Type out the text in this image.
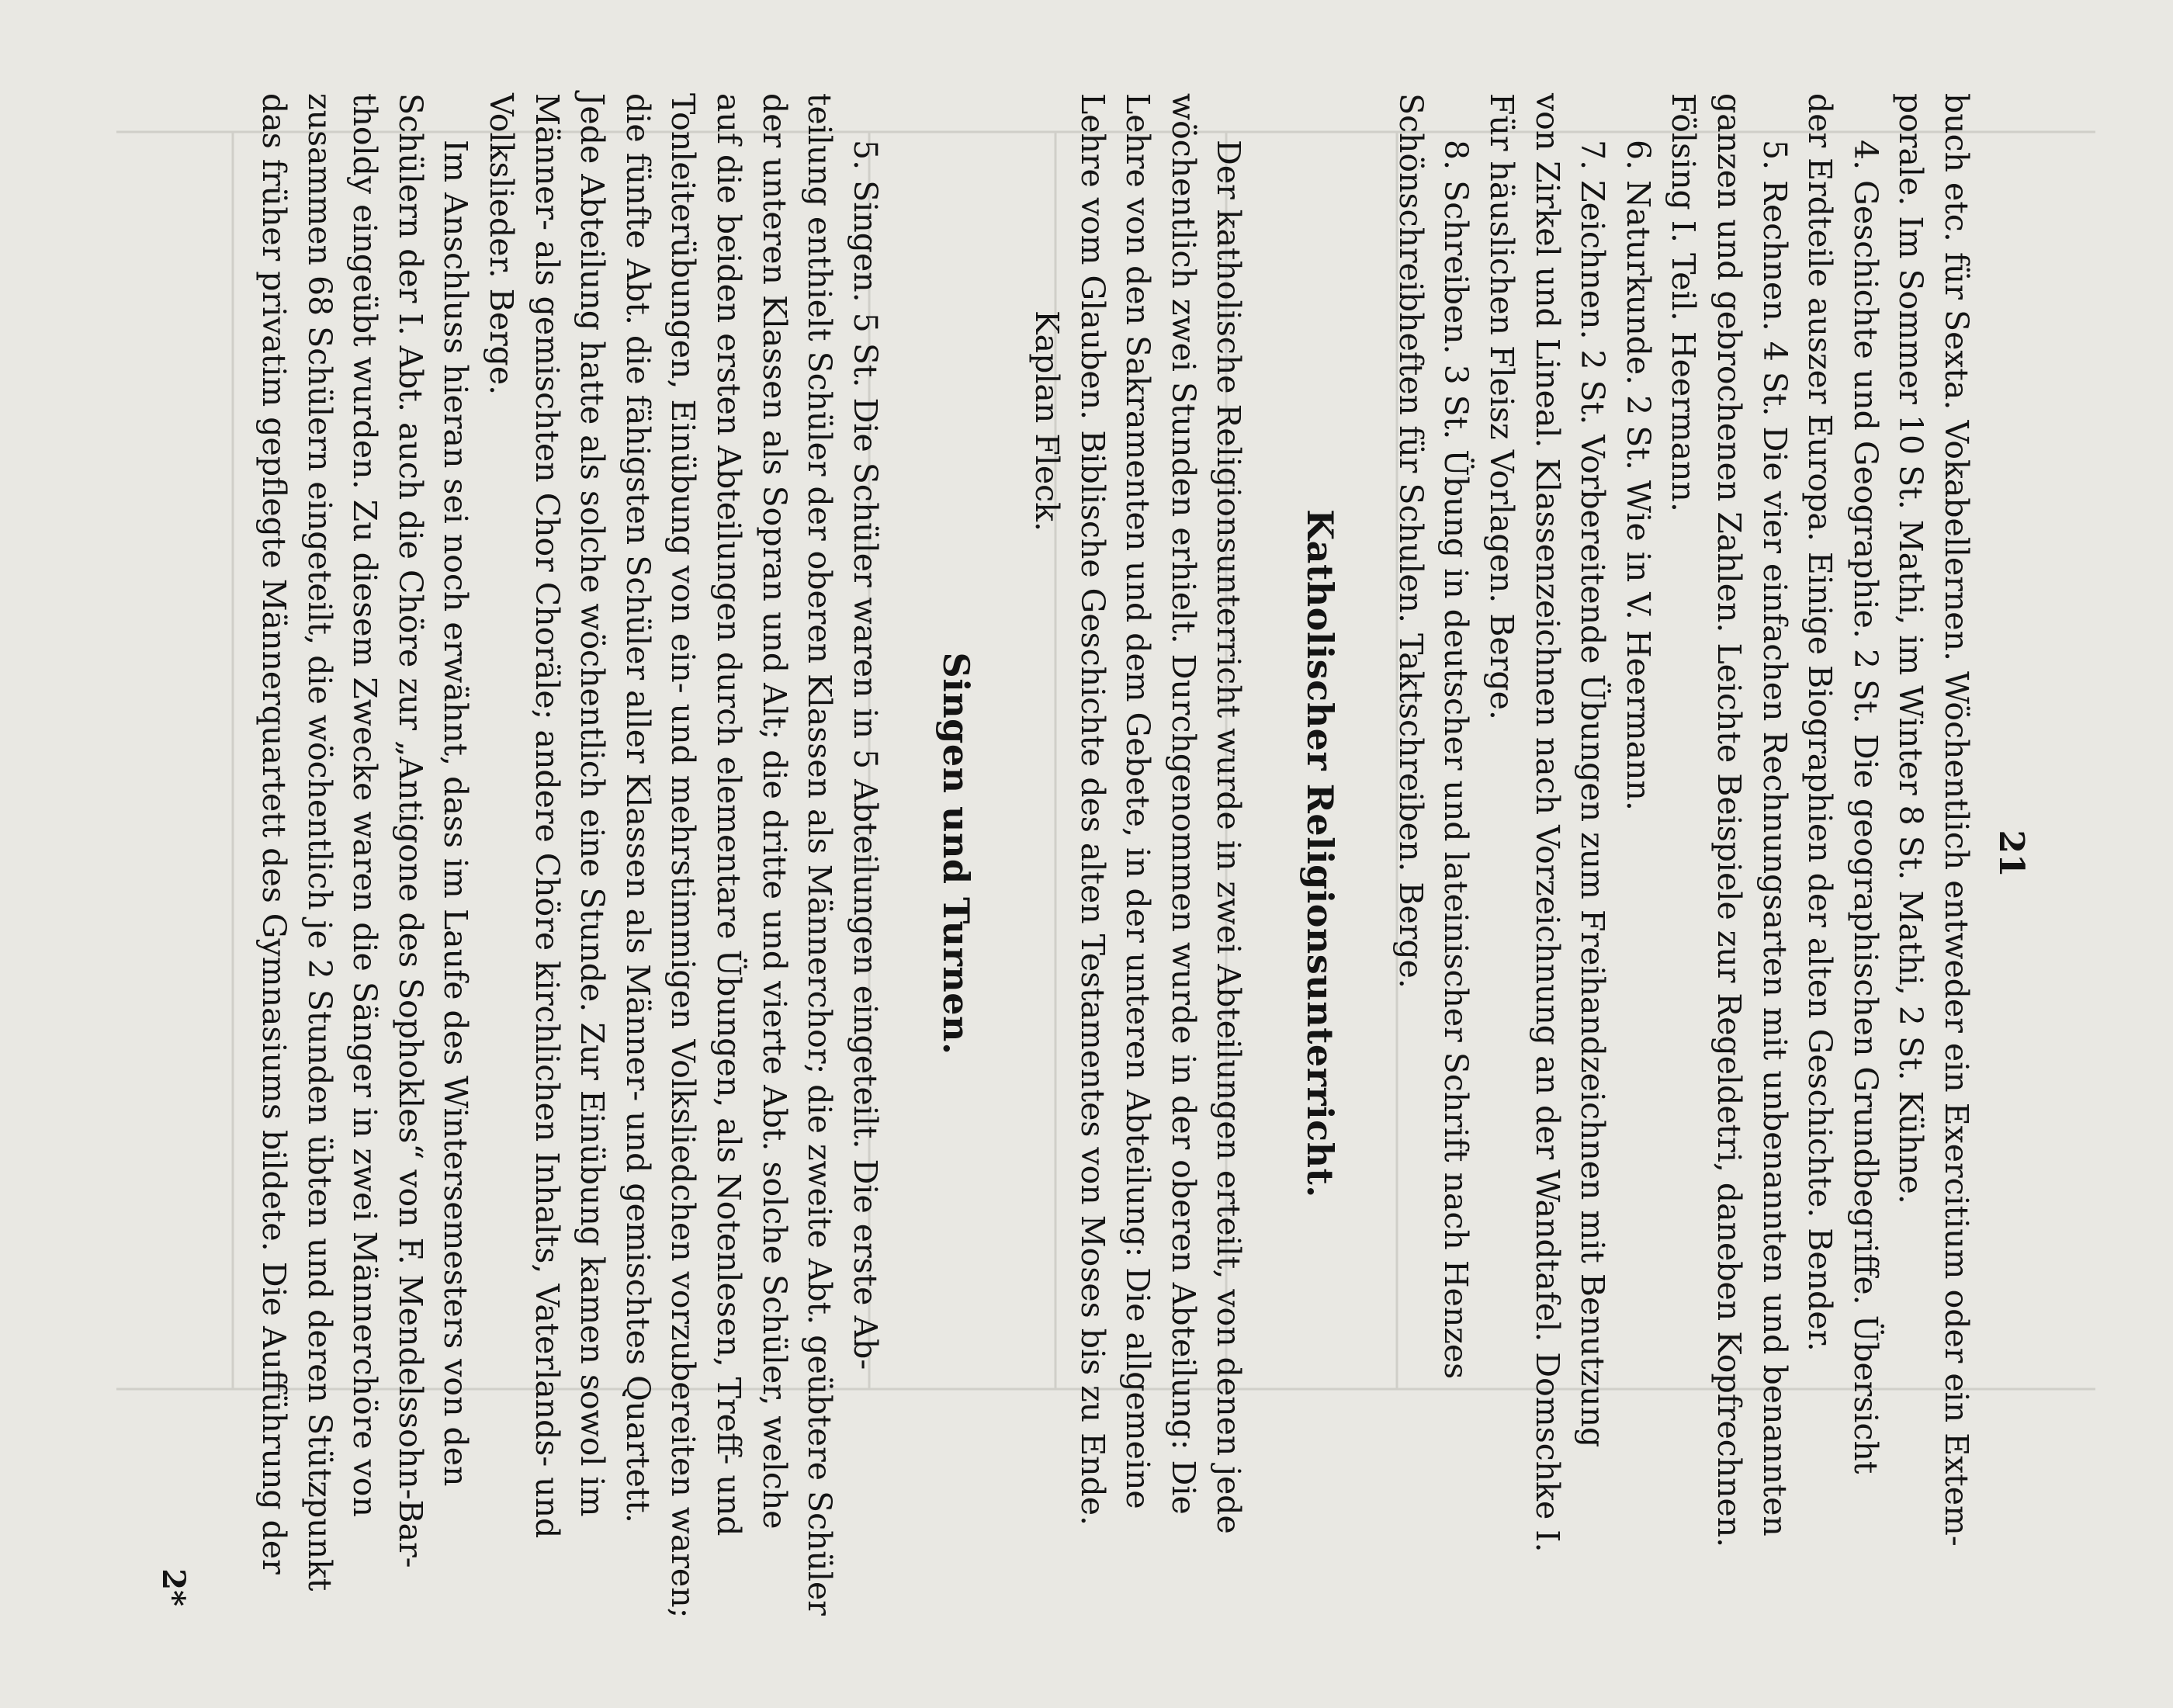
21
buch etc. für Sexta. Vokabellernen. Wöchentlich entweder ein Exercitium oder ein Extem-
porale. Im Sommer 10 St. Mathi, im Winter 8 St. Mathi, 2 St. Kühne.
4. Geschichte und Geographie. 2 St. Die geographischen Grundbegriffe. Übersicht
der Erdteile auszer Europa. Einige Biographien der alten Geschichte. Bender.
5. Rechnen. 4 St. Die vier einfachen Rechnungsarten mit unbenannten und benannten
ganzen und gebrochenen Zahlen. Leichte Beispiele zur Regeldetri, daneben Kopfrechnen.
Fölsing I. Teil. Heermann.
6. Naturkunde. 2 St. Wie in V. Heermann.
7. Zeichnen. 2 St. Vorbereitende Übungen zum Freihandzeichnen mit Benutzung
von Zirkel und Lineal. Klassenzeichnen nach Vorzeichnung an der Wandtafel. Domschke I.
Für häuslichen Fleisz Vorlagen. Berge.
8. Schreiben. 3 St. Übung in deutscher und lateinischer Schrift nach Henzes
Schönschreibheften für Schulen. Taktschreiben. Berge.
Katholischer Religionsunterricht.
Der katholische Religionsunterricht wurde in zwei Abteilungen erteilt, von denen jede
wöchentlich zwei Stunden erhielt. Durchgenommen wurde in der oberen Abteilung: Die
Lehre von den Sakramenten und dem Gebete, in der unteren Abteilung: Die allgemeine
Lehre vom Glauben. Biblische Geschichte des alten Testamentes von Moses bis zu Ende.
Kaplan Fleck.
Singen und Turnen.
5. Singen. 5 St. Die Schüler waren in 5 Abteilungen eingeteilt. Die erste Ab-
teilung enthielt Schüler der oberen Klassen als Männerchor; die zweite Abt. geübtere Schüler
der unteren Klassen als Sopran und Alt; die dritte und vierte Abt. solche Schüler, welche
auf die beiden ersten Abteilungen durch elementare Übungen, als Notenlesen, Treff- und
Tonleiterübungen, Einübung von ein- und mehrstimmigen Volksliedchen vorzubereiten waren;
die fünfte Abt. die fähigsten Schüler aller Klassen als Männer- und gemischtes Quartett.
Jede Abteilung hatte als solche wöchentlich eine Stunde. Zur Einübung kamen sowol im
Männer- als gemischten Chor Choräle; andere Chöre kirchlichen Inhalts, Vaterlands- und
Volkslieder. Berge.
Im Anschluss hieran sei noch erwähnt, dass im Laufe des Wintersemesters von den
Schülern der I. Abt. auch die Chöre zur „Antigone des Sophokles“ von F. Mendelssohn-Bar-
tholdy eingeübt wurden. Zu diesem Zwecke waren die Sänger in zwei Männerchöre von
zusammen 68 Schülern eingeteilt, die wöchentlich je 2 Stunden übten und deren Stützpunkt
das früher privatim gepflegte Männerquartett des Gymnasiums bildete. Die Aufführung der
2*
